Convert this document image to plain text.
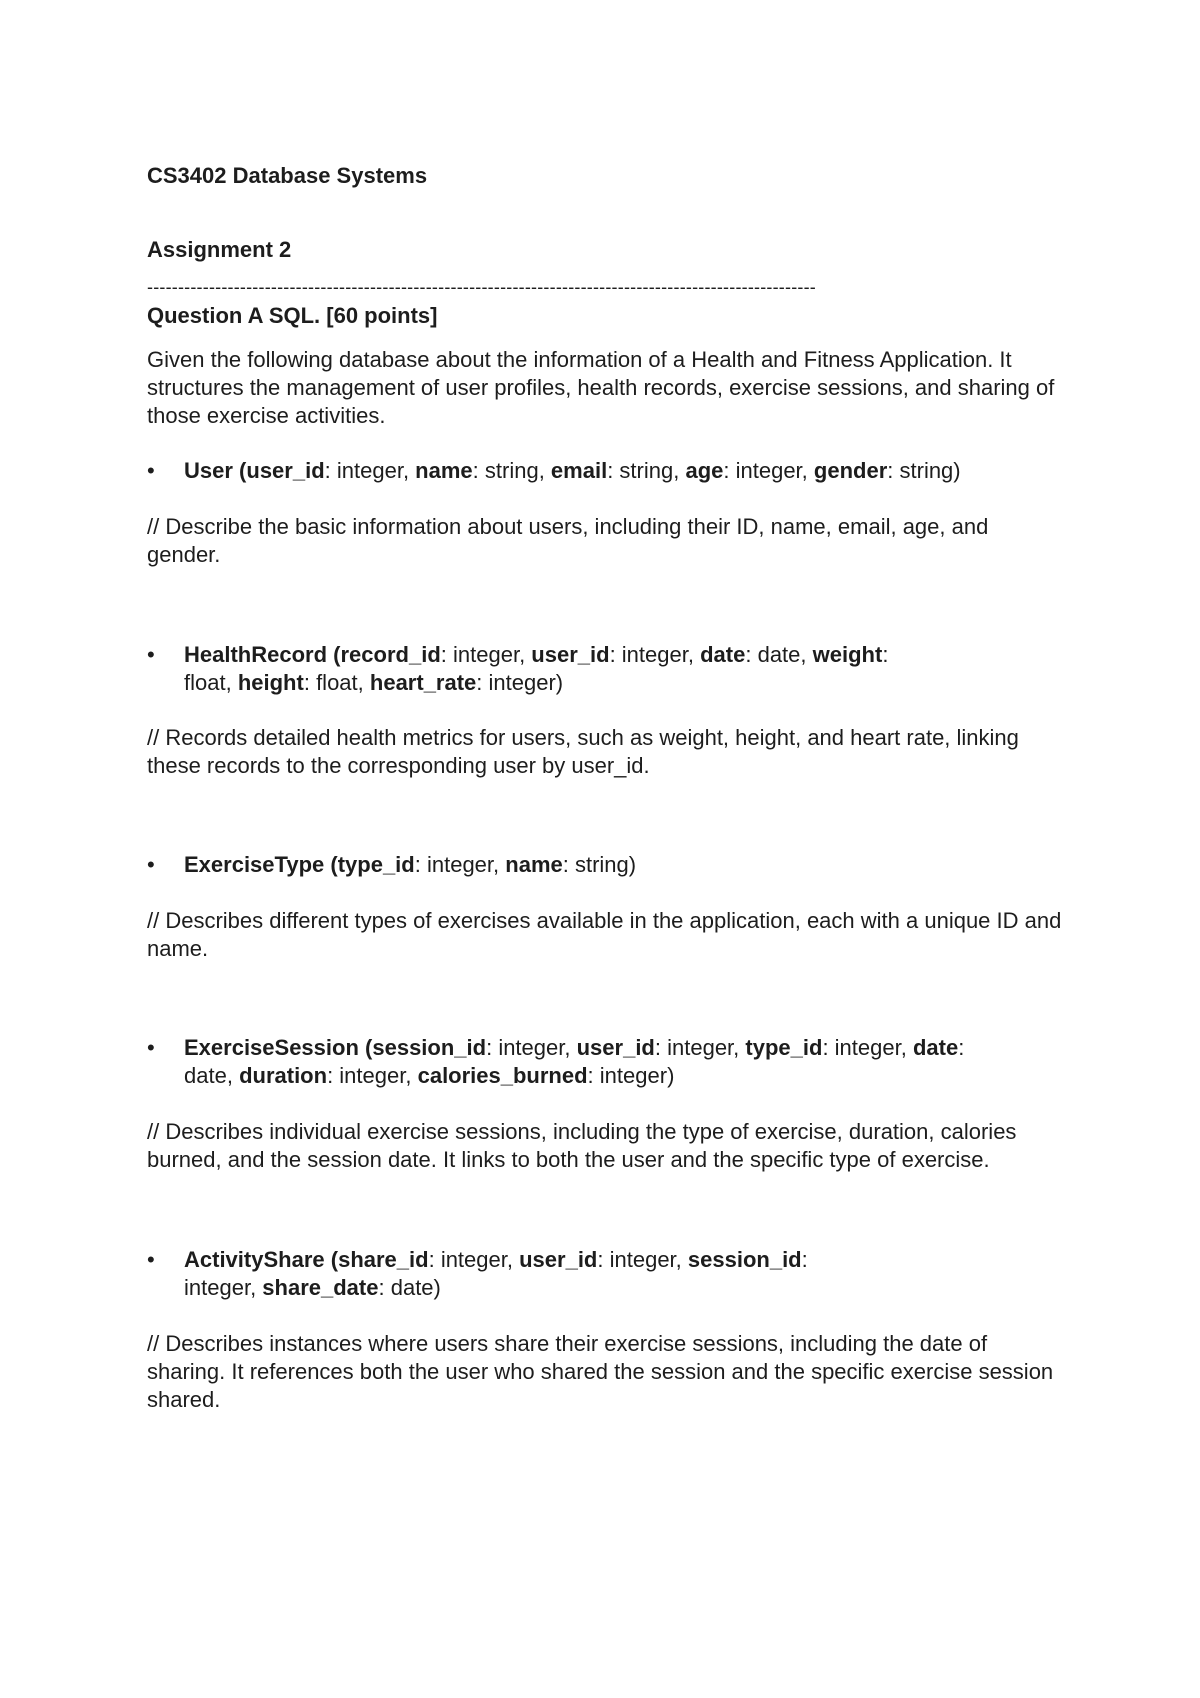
CS3402 Database Systems

Assignment 2

------------------------------------------------------------------------------------------------------------

Question A SQL. [60 points]

Given the following database about the information of a Health and Fitness Application. It structures the management of user profiles, health records, exercise sessions, and sharing of those exercise activities.

•	User (user_id: integer, name: string, email: string, age: integer, gender: string)

// Describe the basic information about users, including their ID, name, email, age, and gender.

•	HealthRecord (record_id: integer, user_id: integer, date: date, weight:
float, height: float, heart_rate: integer)

// Records detailed health metrics for users, such as weight, height, and heart rate, linking these records to the corresponding user by user_id.

•	ExerciseType (type_id: integer, name: string)

// Describes different types of exercises available in the application, each with a unique ID and name.

•	ExerciseSession (session_id: integer, user_id: integer, type_id: integer, date:
date, duration: integer, calories_burned: integer)

// Describes individual exercise sessions, including the type of exercise, duration, calories burned, and the session date. It links to both the user and the specific type of exercise.

•	ActivityShare (share_id: integer, user_id: integer, session_id:
integer, share_date: date)

// Describes instances where users share their exercise sessions, including the date of sharing. It references both the user who shared the session and the specific exercise session shared.
